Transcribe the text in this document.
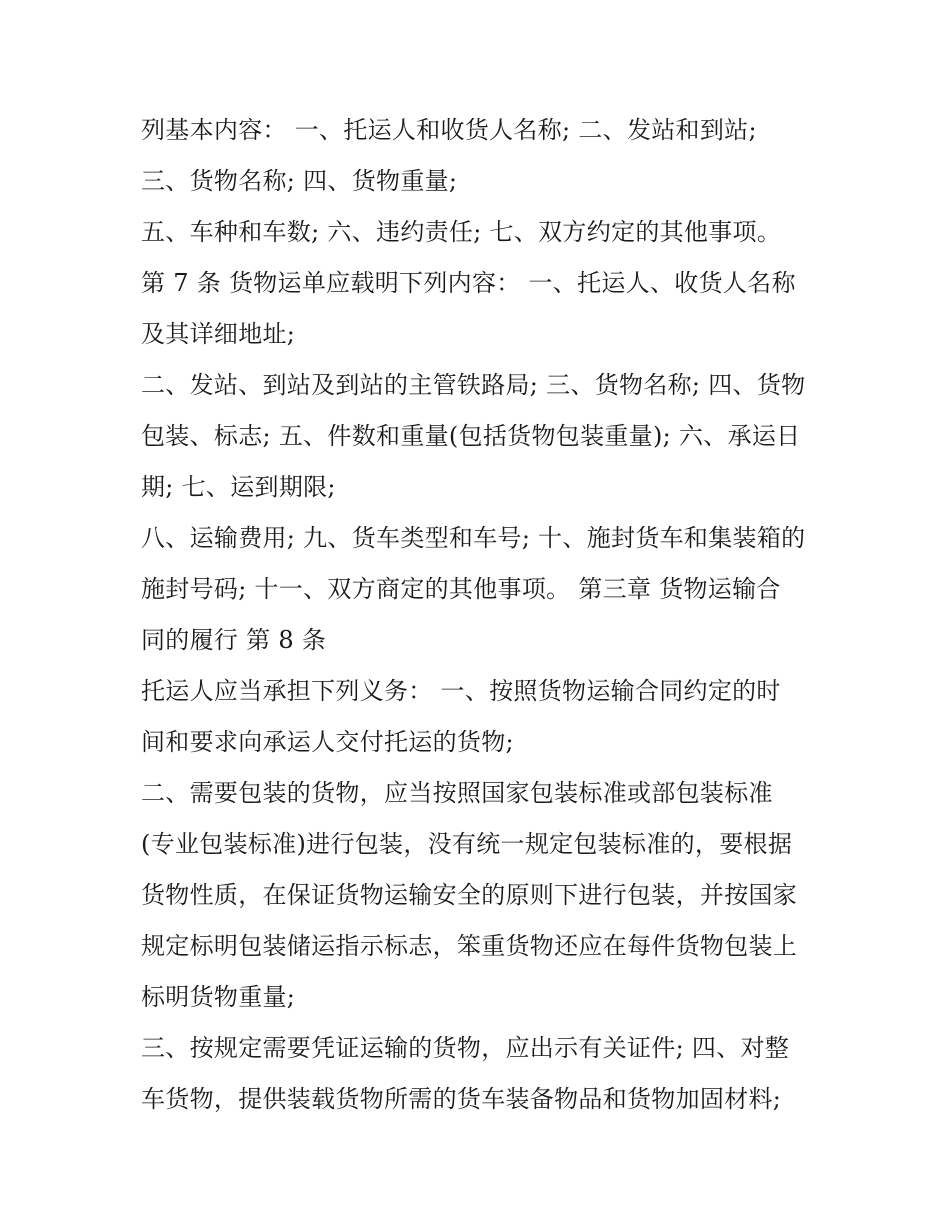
列基本内容： 一、托运人和收货人名称; 二、发站和到站;
三、货物名称; 四、货物重量;
五、车种和车数; 六、违约责任; 七、双方约定的其他事项。
第 7 条 货物运单应载明下列内容： 一、托运人、收货人名称
及其详细地址;
二、发站、到站及到站的主管铁路局; 三、货物名称; 四、货物
包装、标志; 五、件数和重量(包括货物包装重量); 六、承运日
期; 七、运到期限;
八、运输费用; 九、货车类型和车号; 十、施封货车和集装箱的
施封号码; 十一、双方商定的其他事项。 第三章 货物运输合
同的履行 第 8 条
托运人应当承担下列义务： 一、按照货物运输合同约定的时
间和要求向承运人交付托运的货物;
二、需要包装的货物，应当按照国家包装标准或部包装标准
(专业包装标准)进行包装，没有统一规定包装标准的，要根据
货物性质，在保证货物运输安全的原则下进行包装，并按国家
规定标明包装储运指示标志，笨重货物还应在每件货物包装上
标明货物重量;
三、按规定需要凭证运输的货物，应出示有关证件; 四、对整
车货物，提供装载货物所需的货车装备物品和货物加固材料;
